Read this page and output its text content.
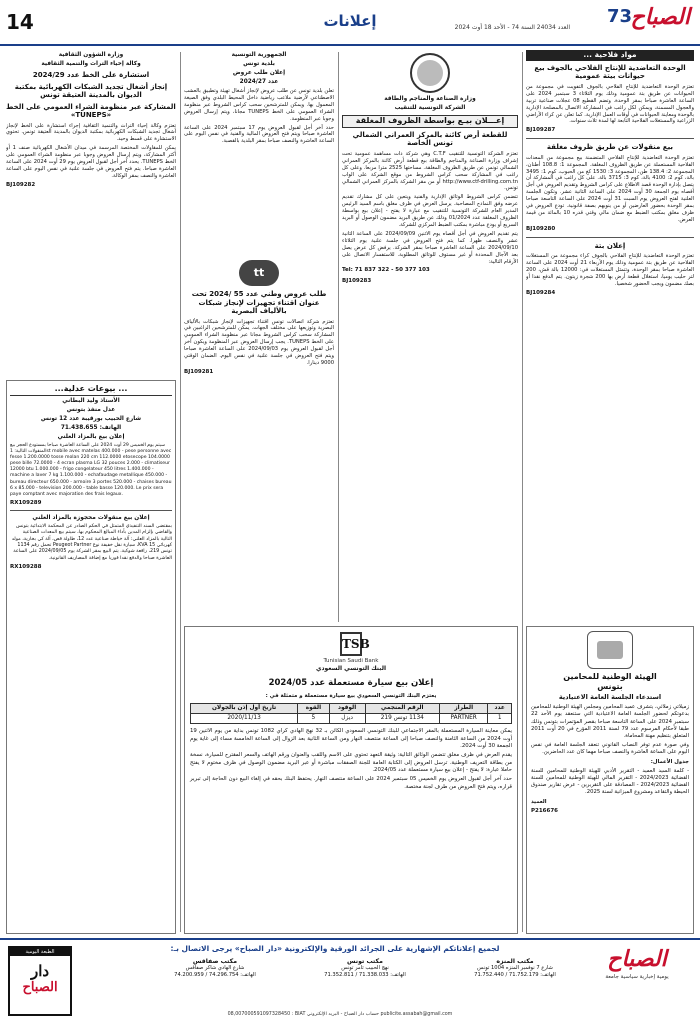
14	إعلانات	الصباح
73
العدد 24034 السنة 74 - الأحد 18 أوت 2024
مواد فلاحية ...
الوحدة التعاضدية للإنتاج الفلاحي بالجوف بيع حيوانات بيتة عمومية
تعتزم الوحدة التعاضدية للإنتاج الفلاحي بالجوف التفويت في مجموعة من الحيوانات عن طريق بتة عمومية وذلك يوم الثلاثاء 3 سبتمبر 2024 على الساعة العاشرة صباحا بمقر الوحدة. وتضم القطيع 08 عجلات صناعية تربية والعجول المسمنة، ويمكن لكل راغب في المشاركة الاتصال بالمصلحة الإدارية بالوحدة ومعاينة الحيوانات في أوقات العمل الإدارية. كما تعلن عن كراء الأراضي الزراعية والمستغلات الفلاحية التابعة لها لمدة ثلاث سنوات.
BJ109287
بيع منقولات عن طريق ظروف مغلقة
تعتزم الوحدة التعاضدية للإنتاج الفلاحي المتضمنة بيع مجموعة من المعدات الفلاحية المستعملة عن طريق الظروف المغلقة. المجموعة 1: 108.8 أطنان، المجموعة 2: 138.4 طن، المجموعة 3: 1530 كغ من الحبوب، كوم 1: 3495 بالة، كوم 2: 4100 بالة، كوم 3: 3715 بالة. على كل راغب في المشاركة أن يتصل بإدارة الوحدة قصد الاطلاع على كراس الشروط وتقديم العروض في أجل أقصاه يوم الجمعة 30 أوت 2024 على الساعة الثانية عشر. وتكون الجلسة العلنية لفتح العروض يوم السبت 31 أوت 2024 على الساعة التاسعة صباحا بمقر الوحدة بحضور العارضين أو من ينوبهم بصفة قانونية. تودع العروض في ظرف مغلق بمكتب الضبط مع ضمان مالي وقتي قدره 10 بالمائة من قيمة العرض.
BJ109280
إعلان بتة
تعتزم الوحدة التعاضدية للإنتاج الفلاحي بالجوف كراء مجموعة من المستغلات الفلاحية عن طريق بتة عمومية وذلك يوم الأربعاء 21 أوت 2024 على الساعة العاشرة صباحا بمقر الوحدة، وتتمثل المستغلات في: 12000 بالة قش، 200 لتر حليب يوميا، استغلال قطعة أرض بها 200 شجرة زيتون. يتم الدفع نقدا أو بصك مضمون ويجب الحضور شخصيا.
BJ109284
وزارة الصناعة والمناجم والطاقة
الشركة التونسية للتنقيب
إعـــلان بيـع بواسطة الظروف المغلقة
للقطعة أرض كائنة بالمركز العمراني الشمالي تونس الخاصة
تعتزم الشركة التونسية للتنقيب C.T.F وهي شركة ذات مساهمة عمومية تحت إشراف وزارة الصناعة والمناجم والطاقة بيع قطعة أرض كائنة بالمركز العمراني الشمالي تونس عن طريق الظروف المغلقة. مساحتها 2525 مترا مربعا. وعلى كل راغب في المشاركة سحب كراس الشروط من موقع الشركة على الواب http://www.ctf-drilling.com.tn أو من مقر الشركة بالمركز العمراني الشمالي تونس.
تتضمن كراس الشروط الوثائق الإدارية والفنية ويتعين على كل مشارك تقديم عرضه وفق النماذج المصاحبة. يرسل العرض في ظرف مغلق باسم السيد الرئيس المدير العام للشركة التونسية للتنقيب مع عبارة لا يفتح - إعلان بيع بواسطة الظروف المغلقة عدد 01/2024 وذلك عن طريق البريد مضمون الوصول أو البريد السريع أو يودع مباشرة بمكتب الضبط المركزي للشركة.
يتم تقديم العروض في أجل أقصاه يوم الاثنين 2024/09/09 على الساعة الثانية عشر والنصف ظهرا. كما يتم فتح العروض في جلسة علنية يوم الثلاثاء 2024/09/10 على الساعة العاشرة صباحا بمقر الشركة. يرفض كل عرض يصل بعد الآجال المحددة أو غير مستوف للوثائق المطلوبة. للاستفسار الاتصال على الأرقام التالية:
Tel: 71 837 322 - 50 377 103
BJ109283
الجمهورية التونسية
بلدية تونس
إعلان طلب عروض
عدد 2024/27
تعلن بلدية تونس عن طلب عروض لإنجاز أشغال تهيئة وتطبيق بالعشب الاصطناعي لأرضية ملاعب رياضية داخل المحيط البلدي وفق الصيغة المعمول بها. ويمكن للمترشحين سحب كراس الشروط عبر منظومة الشراء العمومي على الخط TUNEPS مجانا، ويتم إرسال العروض وجوبا عبر المنظومة.
حدد آخر أجل لقبول العروض يوم 17 سبتمبر 2024 على الساعة العاشرة صباحا ويتم فتح العروض المالية والفنية في نفس اليوم على الساعة العاشرة والنصف صباحا بمقر البلدية بالقصبة.
tt
طلب عروض وطني عدد 55 /2024 تحت عنوان اقتناء تجهيزات لإنجاز شبكات بالألياف البصرية
تعتزم شركة اتصالات تونس اقتناء تجهيزات لإنجاز شبكات بالألياف البصرية وتوزيعها على مختلف الجهات. يمكن للمترشحين الراغبين في المشاركة سحب كراس الشروط مجانا عبر منظومة الشراء العمومي على الخط TUNEPS. يجب إرسال العروض عبر المنظومة ويكون آخر أجل لقبول العروض يوم 2024/09/03 على الساعة العاشرة صباحا ويتم فتح العروض في جلسة علنية في نفس اليوم. الضمان الوقتي 9000 دينارا.
BJ109281
وزارة الشؤون الثقافية
وكالة إحياء التراث والتنمية الثقافية
استشارة على الخط عدد 2024/29
إنجاز أشغال تجديد الشبكات الكهربائية بمكتبة الديوان بالمدينة العتيقة تونس
المشاركة عبر منظومة الشراء العمومي على الخط «TUNEPS»
تعتزم وكالة إحياء التراث والتنمية الثقافية إجراء استشارة على الخط لإنجاز أشغال تجديد الشبكات الكهربائية بمكتبة الديوان بالمدينة العتيقة تونس. تحتوي الاستشارة على قسط وحيد.
يمكن للمقاولات المختصة المرسمة في ميدان الأشغال الكهربائية صنف 1 أو أكثر المشاركة، ويتم إرسال العروض وجوبا عبر منظومة الشراء العمومي على الخط TUNEPS. يحدد آخر أجل لقبول العروض يوم 29 أوت 2024 على الساعة العاشرة صباحا. يتم فتح العروض في جلسة علنية في نفس اليوم على الساعة العاشرة والنصف بمقر الوكالة.
BJ109282
... بيوعات عدلية...
الأستاذ وليد البطاني
عدل منفذ بتونس
شارع الحبيب بورقيبة عدد 12 تونس
الهاتف: 71.438.655
إعلان بيع بالمزاد العلني
سيتم يوم الخميس 29 أوت 2024 على الساعة العاشرة صباحا بمستودع الحجز بيع المنقولات التالية: 1st mobile avec matelas 400.000 - pese personne avec fesse 1.200.0000 tosse molan 220 cm 112.0000 etosecope 104.0000 pese bille 72.0000 - 4 ecran plasma LG 32 pouces 2.000 - climatiseur 12000 btu 1.000.000 - frigo congelateur 450 litres 1.400.000 - machine a laver 7 kg 1.100.000 - echafaudage metallique 450.000 - bureau directeur 650.000 - armoire 3 portes 520.000 - chaises bureau 6 x 85.000 - television 200.000 - table basse 120.000. Le prix sera paye comptant avec majoration des frais legaux.
RX109289
إعلان بيع منقولات محجوزة بالمزاد العلني
بمقتضى السند التنفيذي المتمثل في الحكم الصادر عن المحكمة الابتدائية بتونس والقاضي بإلزام المدين بأداء المبالغ المحكوم بها، سيتم بيع المعدات الصناعية التالية بالمزاد العلني: آلة خياطة صناعية عدد 12، طاولة قص، آلة كي بخارية، مولد كهربائي 15 KVA، سيارة نقل خفيفة نوع Peugeot Partner تحمل رقم 1134 تونس 219، رافعة شوكية. يتم البيع بمقر الشركة يوم 2024/09/05 على الساعة العاشرة صباحا والدفع نقدا فوريا مع إضافة المصاريف القانونية.
RX109288
TSB
Tunisian Saudi Bank
البنك التونسي السعودي
إعلان بيع سيارة مستعملة عدد 2024/05
يعتزم البنك التونسي السعودي بيع سيارة مستعملة و متمثلة في :
عدد	الطراز	الرقم المنجمي	الوقود	القوة	تاريخ أول إذن بالجولان
1	PARTNER	1134 تونس 219	ديزل	5	2020/11/13
يمكن معاينة السيارة المستعملة بالمقر الاجتماعي للبنك التونسي السعودي الكائن بـ 32 نهج الهادي كراي 1082 تونس بداية من يوم الاثنين 19 أوت 2024 من الساعة الثامنة والنصف صباحا إلى الساعة منتصف النهار ومن الساعة الثانية بعد الزوال إلى الساعة الخامسة مساء إلى غاية يوم الجمعة 30 أوت 2024.
يقدم العرض في ظرف مغلق تتضمن الوثائق التالية: وثيقة التعهد تحتوي على الاسم واللقب والعنوان ورقم الهاتف والسعر المقترح للسيارة، نسخة من بطاقة التعريف الوطنية. ترسل العروض إلى الكتابة العامة للجنة الصفقات مباشرة أو عبر البريد مضمون الوصول في ظرف مختوم لا يفتح حاملا عبارة: لا يفتح - إعلان بيع سيارة مستعملة عدد 2024/05.
حدد آخر أجل لقبول العروض يوم الخميس 05 سبتمبر 2024 على الساعة منتصف النهار. يحتفظ البنك بحقه في إلغاء البيع دون الحاجة إلى تبرير قراره، ويتم فتح العروض من طرف لجنة مختصة.
الهيئة الوطنية للمحامين
بتونس
استدعاء الجلسة العامة الاعتيادية
زميلاتي زملائي، يتشرف عميد المحامين ومجلس الهيئة الوطنية للمحامين بدعوتكم لحضور الجلسة العامة الاعتيادية التي ستنعقد يوم الأحد 22 سبتمبر 2024 على الساعة التاسعة صباحا بقصر المؤتمرات بتونس وذلك طبقا لأحكام المرسوم عدد 79 لسنة 2011 المؤرخ في 20 أوت 2011 المتعلق بتنظيم مهنة المحاماة.
وفي صورة عدم توفر النصاب القانوني تنعقد الجلسة العامة في نفس اليوم على الساعة العاشرة والنصف صباحا مهما كان عدد الحاضرين.
جدول الأعمال:
- كلمة السيد العميد - التقرير الأدبي للهيئة الوطنية للمحامين للسنة القضائية 2024/2023 - التقرير المالي للهيئة الوطنية للمحامين للسنة القضائية 2024/2023 - المصادقة على التقريرين - عرض تقارير صندوق الحيطة والتقاعد ومشروع الميزانية لسنة 2025.
العميد
P216676
الصباح
يومية إخبارية سياسية جامعة
لجميع إعلاناتكم الإشهارية على الجرائد الورقية والإلكترونية «دار الصباح» يرجى الاتصال بـ:
مكتب المنزه
شارع 7 نوفمبر المنزه 1004 تونس
الهاتف: 71.752.179 / 71.752.440
مكتب تونس
نهج الحبيب ثامر تونس
الهاتف: 71.338.033 / 71.352.811
مكتب صفاقس
شارع الهادي شاكر صفاقس
الهاتف: 74.296.754 / 74.200.959
الطبعة اليومية
دار
الصباح
08,007000591097328450 : BIAT حساب دار الصباح - البريد الإلكتروني publicite.assabah@gmail.com
